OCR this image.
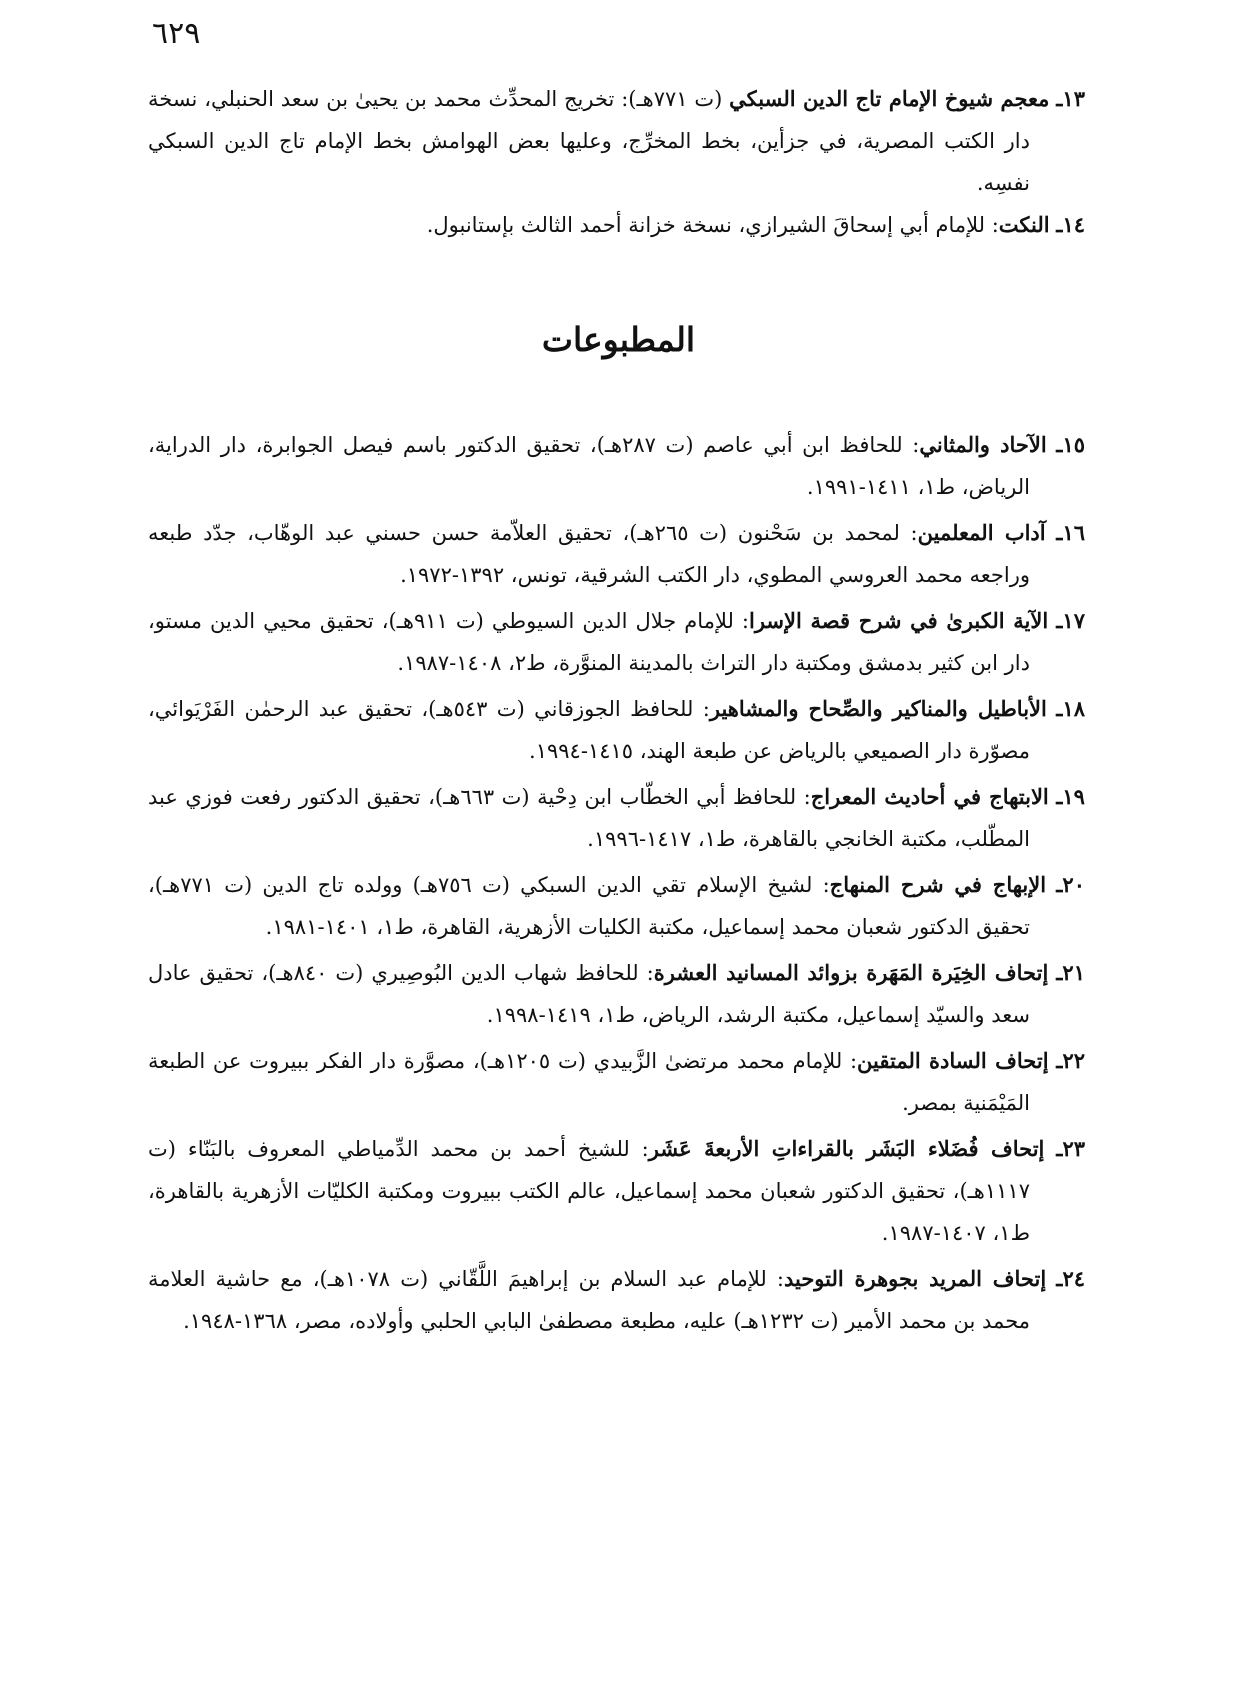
٦٢٩

١٣ـ معجم شيوخ الإمام تاج الدين السبكي (ت ٧٧١هـ): تخريج المحدِّث محمد بن يحيىٰ بن سعد الحنبلي، نسخة دار الكتب المصرية، في جزأين، بخط المخرِّج، وعليها بعض الهوامش بخط الإمام تاج الدين السبكي نفسِه.

١٤ـ النكت: للإمام أبي إسحاقَ الشيرازي، نسخة خزانة أحمد الثالث بإستانبول.

المطبوعات

١٥ـ الآحاد والمثاني: للحافظ ابن أبي عاصم (ت ٢٨٧هـ)، تحقيق الدكتور باسم فيصل الجوابرة، دار الدراية، الرياض، ط١، ١٤١١-١٩٩١.

١٦ـ آداب المعلمين: لمحمد بن سَحْنون (ت ٢٦٥هـ)، تحقيق العلاّمة حسن حسني عبد الوهّاب، جدّد طبعه وراجعه محمد العروسي المطوي، دار الكتب الشرقية، تونس، ١٣٩٢-١٩٧٢.

١٧ـ الآية الكبرىٰ في شرح قصة الإسرا: للإمام جلال الدين السيوطي (ت ٩١١هـ)، تحقيق محيي الدين مستو، دار ابن كثير بدمشق ومكتبة دار التراث بالمدينة المنوَّرة، ط٢، ١٤٠٨-١٩٨٧.

١٨ـ الأباطيل والمناكير والصِّحاح والمشاهير: للحافظ الجوزقاني (ت ٥٤٣هـ)، تحقيق عبد الرحمٰن الفَرْيَوائي، مصوّرة دار الصميعي بالرياض عن طبعة الهند، ١٤١٥-١٩٩٤.

١٩ـ الابتهاج في أحاديث المعراج: للحافظ أبي الخطّاب ابن دِحْية (ت ٦٦٣هـ)، تحقيق الدكتور رفعت فوزي عبد المطّلب، مكتبة الخانجي بالقاهرة، ط١، ١٤١٧-١٩٩٦.

٢٠ـ الإبهاج في شرح المنهاج: لشيخ الإسلام تقي الدين السبكي (ت ٧٥٦هـ) وولده تاج الدين (ت ٧٧١هـ)، تحقيق الدكتور شعبان محمد إسماعيل، مكتبة الكليات الأزهرية، القاهرة، ط١، ١٤٠١-١٩٨١.

٢١ـ إتحاف الخِيَرة المَهَرة بزوائد المسانيد العشرة: للحافظ شهاب الدين البُوصِيري (ت ٨٤٠هـ)، تحقيق عادل سعد والسيّد إسماعيل، مكتبة الرشد، الرياض، ط١، ١٤١٩-١٩٩٨.

٢٢ـ إتحاف السادة المتقين: للإمام محمد مرتضىٰ الزَّبيدي (ت ١٢٠٥هـ)، مصوَّرة دار الفكر ببيروت عن الطبعة المَيْمَنية بمصر.

٢٣ـ إتحاف فُضَلاء البَشَر بالقراءاتِ الأربعةَ عَشَر: للشيخ أحمد بن محمد الدِّمياطي المعروف بالبَنّاء (ت ١١١٧هـ)، تحقيق الدكتور شعبان محمد إسماعيل، عالم الكتب ببيروت ومكتبة الكليّات الأزهرية بالقاهرة، ط١، ١٤٠٧-١٩٨٧.

٢٤ـ إتحاف المريد بجوهرة التوحيد: للإمام عبد السلام بن إبراهيمَ اللَّقّاني (ت ١٠٧٨هـ)، مع حاشية العلامة محمد بن محمد الأمير (ت ١٢٣٢هـ) عليه، مطبعة مصطفىٰ البابي الحلبي وأولاده، مصر، ١٣٦٨-١٩٤٨.
